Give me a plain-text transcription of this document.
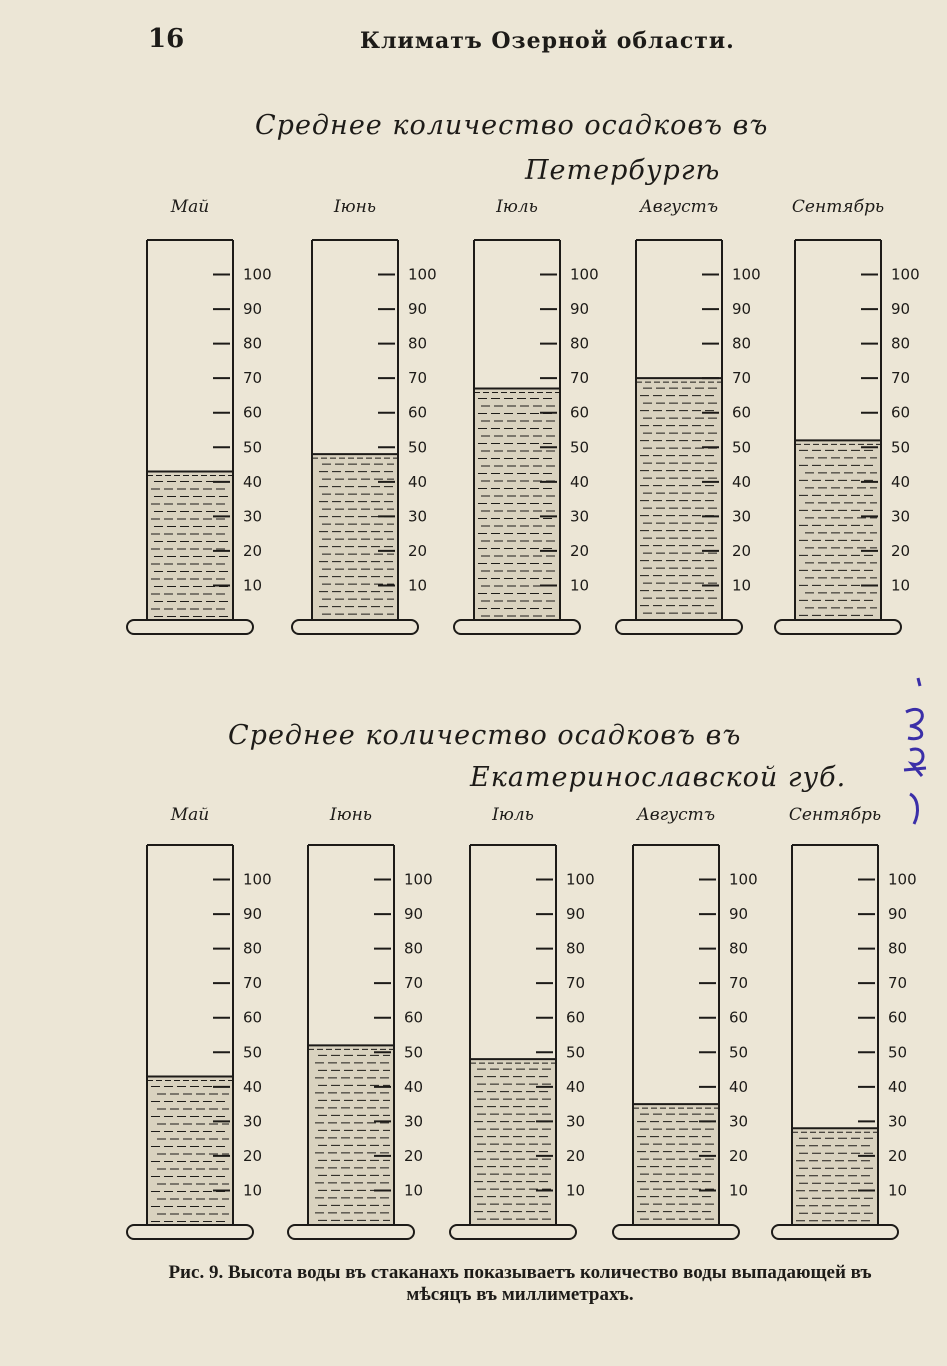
16	Климатъ Озерной области.
Среднее количество осадковъ въ
Петербургѣ
Среднее количество осадковъ въ
Екатеринославской губ.
Май
10
20
30
40
50
60
70
80
90
100
Іюнь
10
20
30
40
50
60
70
80
90
100
Іюль
10
20
30
40
50
60
70
80
90
100
Августъ
10
20
30
40
50
60
70
80
90
100
Сентябрь
10
20
30
40
50
60
70
80
90
100
Май
10
20
30
40
50
60
70
80
90
100
Іюнь
10
20
30
40
50
60
70
80
90
100
Іюль
10
20
30
40
50
60
70
80
90
100
Августъ
10
20
30
40
50
60
70
80
90
100
Сентябрь
10
20
30
40
50
60
70
80
90
100
Рис. 9. Высота воды въ стаканахъ показываетъ количество воды выпадающей въ
мѣсяцъ въ миллиметрахъ.
